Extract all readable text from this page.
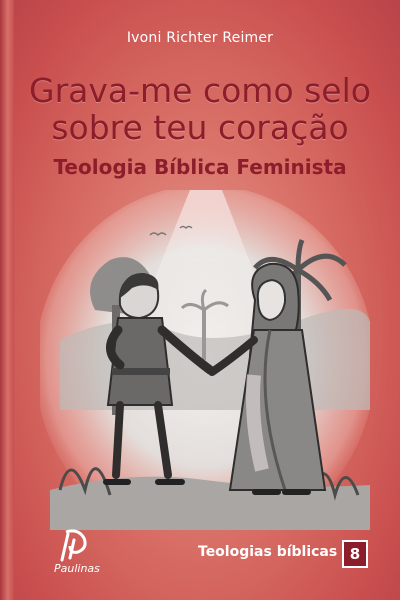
Ivoni Richter Reimer
Grava-me como selo
sobre teu coração
Teologia Bíblica Feminista
Paulinas
Teologias bíblicas 8
